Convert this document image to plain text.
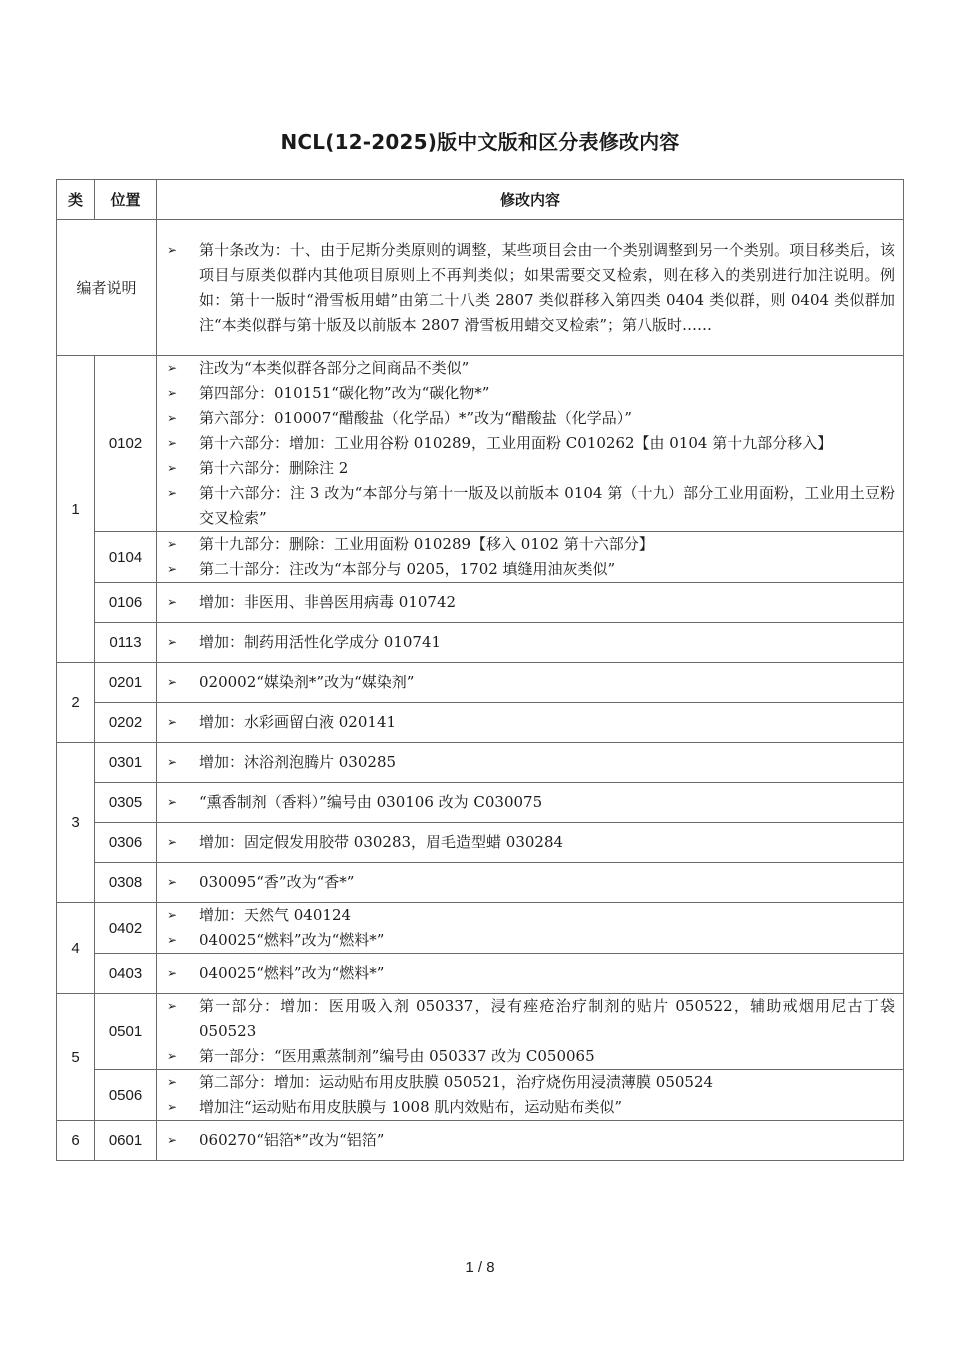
NCL(12-2025)版中文版和区分表修改内容
类	位置	修改内容
编者说明	
➢ 第十条改为：十、由于尼斯分类原则的调整，某些项目会由一个类别调整到另一个类别。项目移类后，该项目与原类似群内其他项目原则上不再判类似；如果需要交叉检索，则在移入的类别进行加注说明。例如：第十一版时“滑雪板用蜡”由第二十八类 2807 类似群移入第四类 0404 类似群，则 0404 类似群加注“本类似群与第十版及以前版本 2807 滑雪板用蜡交叉检索”；第八版时……

1	0102	
➢ 注改为“本类似群各部分之间商品不类似”
➢ 第四部分：010151“碳化物”改为“碳化物*”
➢ 第六部分：010007“醋酸盐（化学品）*”改为“醋酸盐（化学品）”
➢ 第十六部分：增加：工业用谷粉 010289，工业用面粉 C010262【由 0104 第十九部分移入】
➢ 第十六部分：删除注 2
➢ 第十六部分：注 3 改为“本部分与第十一版及以前版本 0104 第（十九）部分工业用面粉，工业用土豆粉交叉检索”

0104	
➢ 第十九部分：删除：工业用面粉 010289【移入 0102 第十六部分】
➢ 第二十部分：注改为“本部分与 0205，1702 填缝用油灰类似”

0106	➢ 增加：非医用、非兽医用病毒 010742

0113	➢ 增加：制药用活性化学成分 010741

2	0201	➢ 020002“媒染剂*”改为“媒染剂”

0202	➢ 增加：水彩画留白液 020141

3	0301	➢ 增加：沐浴剂泡腾片 030285

0305	➢ “熏香制剂（香料）”编号由 030106 改为 C030075

0306	➢ 增加：固定假发用胶带 030283，眉毛造型蜡 030284

0308	➢ 030095“香”改为“香*”

4	0402	
➢ 增加：天然气 040124
➢ 040025“燃料”改为“燃料*”

0403	➢ 040025“燃料”改为“燃料*”

5	0501	
➢ 第一部分：增加：医用吸入剂 050337，浸有痤疮治疗制剂的贴片 050522，辅助戒烟用尼古丁袋 050523
➢ 第一部分：“医用熏蒸制剂”编号由 050337 改为 C050065

0506	
➢ 第二部分：增加：运动贴布用皮肤膜 050521，治疗烧伤用浸渍薄膜 050524
➢ 增加注“运动贴布用皮肤膜与 1008 肌内效贴布，运动贴布类似”

6	0601	➢ 060270“铝箔*”改为“铝箔”
1 / 8
